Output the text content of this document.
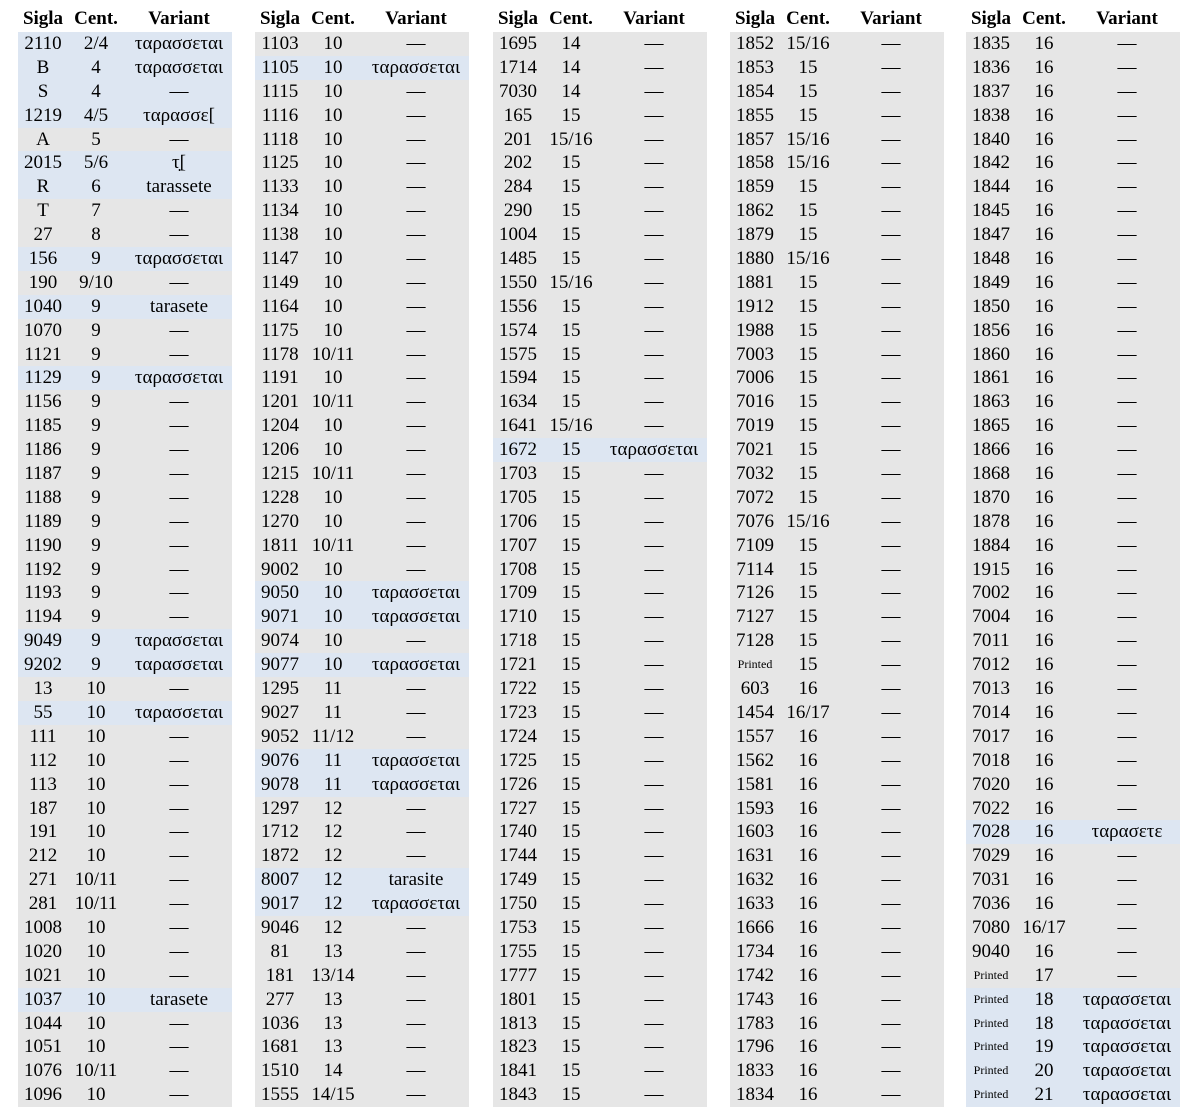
Sigla Cent.	Variant
2110	2/4	ταρασσεται
B	4	ταρασσεται
S	4	—
1219	4/5	ταρασσε[
A	5	—
2015	5/6	τ̣[
R	6	tarassete
T	7	—
27	8	—
156	9	ταρασσεται
190	9/10	—
1040	9	tarasete
1070	9	—
1121	9	—
1129	9	ταρασσεται
1156	9	—
1185	9	—
1186	9	—
1187	9	—
1188	9	—
1189	9	—
1190	9	—
1192	9	—
1193	9	—
1194	9	—
9049	9	ταρασσεται
9202	9	ταρασσεται
13	10	—
55	10	ταρασσεται
111	10	—
112	10	—
113	10	—
187	10	—
191	10	—
212	10	—
271 10/11	—
281 10/11	—
1008	10	—
1020	10	—
1021	10	—
1037	10	tarasete
1044	10	—
1051	10	—
1076 10/11	—
1096	10	—
Sigla Cent.	Variant
1103	10	—
1105	10	ταρασσεται
1115	10	—
1116	10	—
1118	10	—
1125	10	—
1133	10	—
1134	10	—
1138	10	—
1147	10	—
1149	10	—
1164	10	—
1175	10	—
1178 10/11	—
1191	10	—
1201 10/11	—
1204	10	—
1206	10	—
1215 10/11	—
1228	10	—
1270	10	—
1811 10/11	—
9002	10	—
9050	10	ταρασσεται
9071	10	ταρασσεται
9074	10	—
9077	10	ταρασσεται
1295	11	—
9027	11	—
9052 11/12	—
9076	11	ταρασσεται
9078	11	ταρασσεται
1297	12	—
1712	12	—
1872	12	—
8007	12	tarasite
9017	12	ταρασσεται
9046	12	—
81	13	—
181 13/14	—
277	13	—
1036	13	—
1681	13	—
1510	14	—
1555 14/15	—
Sigla Cent.	Variant
1695	14	—
1714	14	—
7030	14	—
165	15	—
201 15/16	—
202	15	—
284	15	—
290	15	—
1004	15	—
1485	15	—
1550 15/16	—
1556	15	—
1574	15	—
1575	15	—
1594	15	—
1634	15	—
1641 15/16	—
1672	15	ταρασσεται
1703	15	—
1705	15	—
1706	15	—
1707	15	—
1708	15	—
1709	15	—
1710	15	—
1718	15	—
1721	15	—
1722	15	—
1723	15	—
1724	15	—
1725	15	—
1726	15	—
1727	15	—
1740	15	—
1744	15	—
1749	15	—
1750	15	—
1753	15	—
1755	15	—
1777	15	—
1801	15	—
1813	15	—
1823	15	—
1841	15	—
1843	15	—
Sigla Cent.	Variant
1852 15/16	—
1853	15	—
1854	15	—
1855	15	—
1857 15/16	—
1858 15/16	—
1859	15	—
1862	15	—
1879	15	—
1880 15/16	—
1881	15	—
1912	15	—
1988	15	—
7003	15	—
7006	15	—
7016	15	—
7019	15	—
7021	15	—
7032	15	—
7072	15	—
7076 15/16	—
7109	15	—
7114	15	—
7126	15	—
7127	15	—
7128	15	—
Printed	15	—
603	16	—
1454 16/17	—
1557	16	—
1562	16	—
1581	16	—
1593	16	—
1603	16	—
1631	16	—
1632	16	—
1633	16	—
1666	16	—
1734	16	—
1742	16	—
1743	16	—
1783	16	—
1796	16	—
1833	16	—
1834	16	—
Sigla Cent.	Variant
1835	16	—
1836	16	—
1837	16	—
1838	16	—
1840	16	—
1842	16	—
1844	16	—
1845	16	—
1847	16	—
1848	16	—
1849	16	—
1850	16	—
1856	16	—
1860	16	—
1861	16	—
1863	16	—
1865	16	—
1866	16	—
1868	16	—
1870	16	—
1878	16	—
1884	16	—
1915	16	—
7002	16	—
7004	16	—
7011	16	—
7012	16	—
7013	16	—
7014	16	—
7017	16	—
7018	16	—
7020	16	—
7022	16	—
7028	16	ταρασετε
7029	16	—
7031	16	—
7036	16	—
7080 16/17	—
9040	16	—
Printed	17	—
Printed	18	ταρασσεται
Printed	18	ταρασσεται
Printed	19	ταρασσεται
Printed	20	ταρασσεται
Printed	21	ταρασσεται
